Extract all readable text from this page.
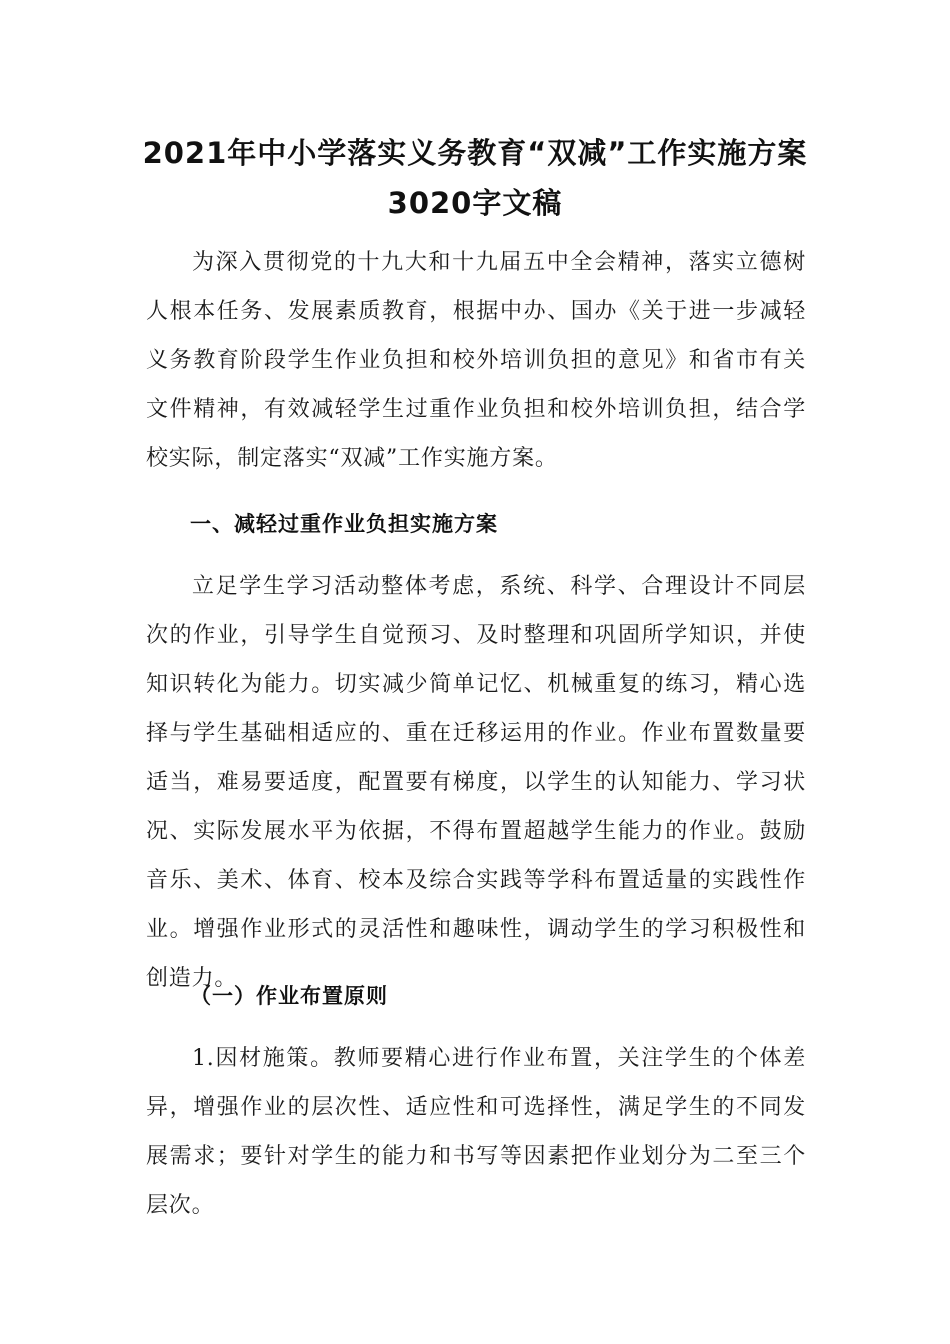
2021年中小学落实义务教育“双减”工作实施方案
3020字文稿

为深入贯彻党的十九大和十九届五中全会精神，落实立德树人根本任务、发展素质教育，根据中办、国办《关于进一步减轻义务教育阶段学生作业负担和校外培训负担的意见》和省市有关文件精神，有效减轻学生过重作业负担和校外培训负担，结合学校实际，制定落实“双减”工作实施方案。

一、减轻过重作业负担实施方案

立足学生学习活动整体考虑，系统、科学、合理设计不同层次的作业，引导学生自觉预习、及时整理和巩固所学知识，并使知识转化为能力。切实减少简单记忆、机械重复的练习，精心选择与学生基础相适应的、重在迁移运用的作业。作业布置数量要适当，难易要适度，配置要有梯度，以学生的认知能力、学习状况、实际发展水平为依据，不得布置超越学生能力的作业。鼓励音乐、美术、体育、校本及综合实践等学科布置适量的实践性作业。增强作业形式的灵活性和趣味性，调动学生的学习积极性和创造力。

（一）作业布置原则

1.因材施策。教师要精心进行作业布置，关注学生的个体差异，增强作业的层次性、适应性和可选择性，满足学生的不同发展需求；要针对学生的能力和书写等因素把作业划分为二至三个层次。
